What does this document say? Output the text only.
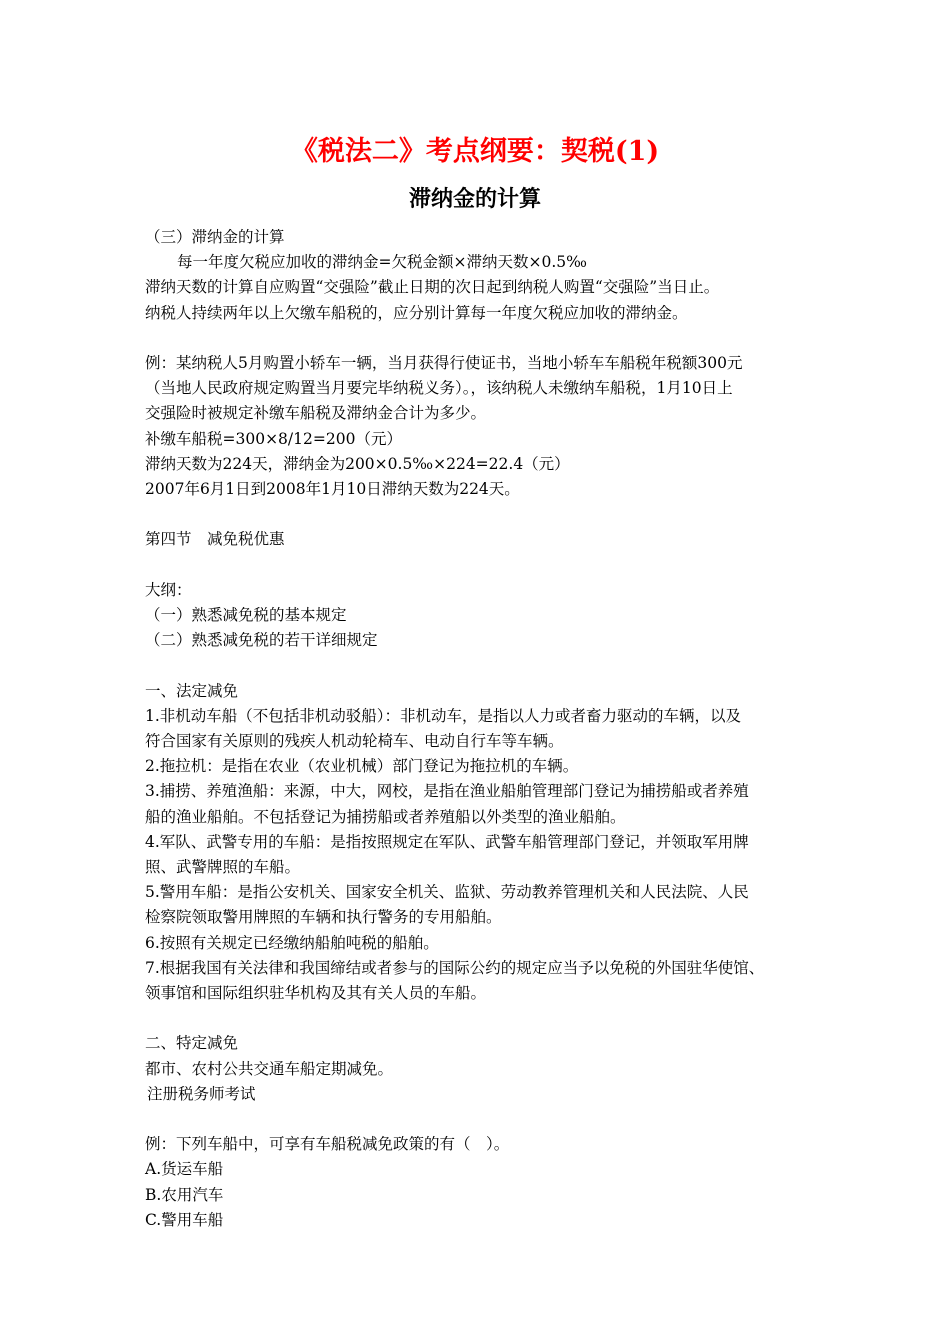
《税法二》考点纲要：契税(1)
滞纳金的计算

（三）滞纳金的计算

每一年度欠税应加收的滞纳金=欠税金额×滞纳天数×0.5‰

滞纳天数的计算自应购置“交强险”截止日期的次日起到纳税人购置“交强险”当日止。

纳税人持续两年以上欠缴车船税的，应分别计算每一年度欠税应加收的滞纳金。

例：某纳税人5月购置小轿车一辆，当月获得行使证书，当地小轿车车船税年税额300元

（当地人民政府规定购置当月要完毕纳税义务）。，该纳税人未缴纳车船税，1月10日上

交强险时被规定补缴车船税及滞纳金合计为多少。

补缴车船税=300×8/12=200（元）

滞纳天数为224天，滞纳金为200×0.5‰×224=22.4（元）

2007年6月1日到2008年1月10日滞纳天数为224天。

第四节　减免税优惠

大纲：

（一）熟悉减免税的基本规定

（二）熟悉减免税的若干详细规定

一、法定减免

1.非机动车船（不包括非机动驳船）：非机动车，是指以人力或者畜力驱动的车辆，以及

符合国家有关原则的残疾人机动轮椅车、电动自行车等车辆。

2.拖拉机：是指在农业（农业机械）部门登记为拖拉机的车辆。

3.捕捞、养殖渔船：来源，中大，网校，是指在渔业船舶管理部门登记为捕捞船或者养殖

船的渔业船舶。不包括登记为捕捞船或者养殖船以外类型的渔业船舶。

4.军队、武警专用的车船：是指按照规定在军队、武警车船管理部门登记，并领取军用牌

照、武警牌照的车船。

5.警用车船：是指公安机关、国家安全机关、监狱、劳动教养管理机关和人民法院、人民

检察院领取警用牌照的车辆和执行警务的专用船舶。

6.按照有关规定已经缴纳船舶吨税的船舶。

7.根据我国有关法律和我国缔结或者参与的国际公约的规定应当予以免税的外国驻华使馆、

领事馆和国际组织驻华机构及其有关人员的车船。

二、特定减免

都市、农村公共交通车船定期减免。

注册税务师考试

例：下列车船中，可享有车船税减免政策的有（　）。

A.货运车船

B.农用汽车

C.警用车船
